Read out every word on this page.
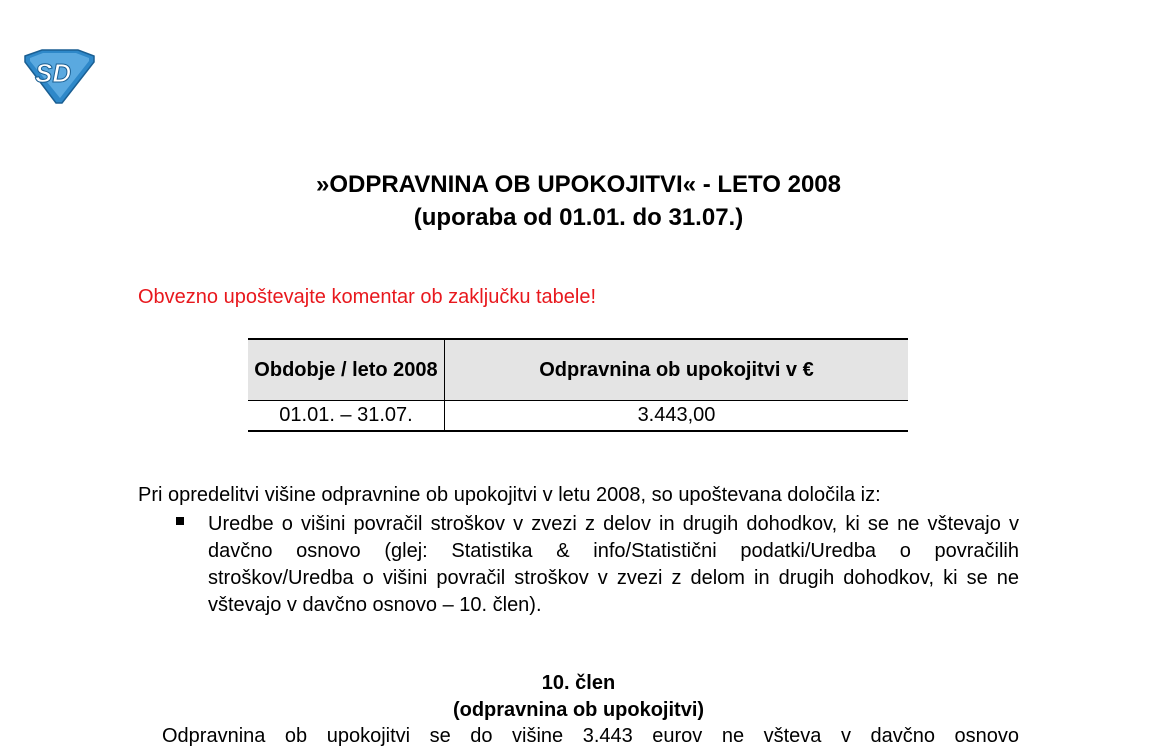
SD
»ODPRAVNINA OB UPOKOJITVI« - LETO 2008
(uporaba od 01.01. do 31.07.)
Obvezno upoštevajte komentar ob zaključku tabele!
Obdobje / leto 2008	Odpravnina ob upokojitvi v €
01.01. – 31.07.	3.443,00
Pri opredelitvi višine odpravnine ob upokojitvi v letu 2008, so upoštevana določila iz:
Uredbe o višini povračil stroškov v zvezi z delov in drugih dohodkov, ki se ne vštevajo v davčno osnovo (glej: Statistika & info/Statistični podatki/Uredba o povračilih stroškov/Uredba o višini povračil stroškov v zvezi z delom in drugih dohodkov, ki se ne vštevajo v davčno osnovo – 10. člen).
10. člen
(odpravnina ob upokojitvi)
Odpravnina ob upokojitvi se do višine 3.443 eurov ne všteva v davčno osnovo
